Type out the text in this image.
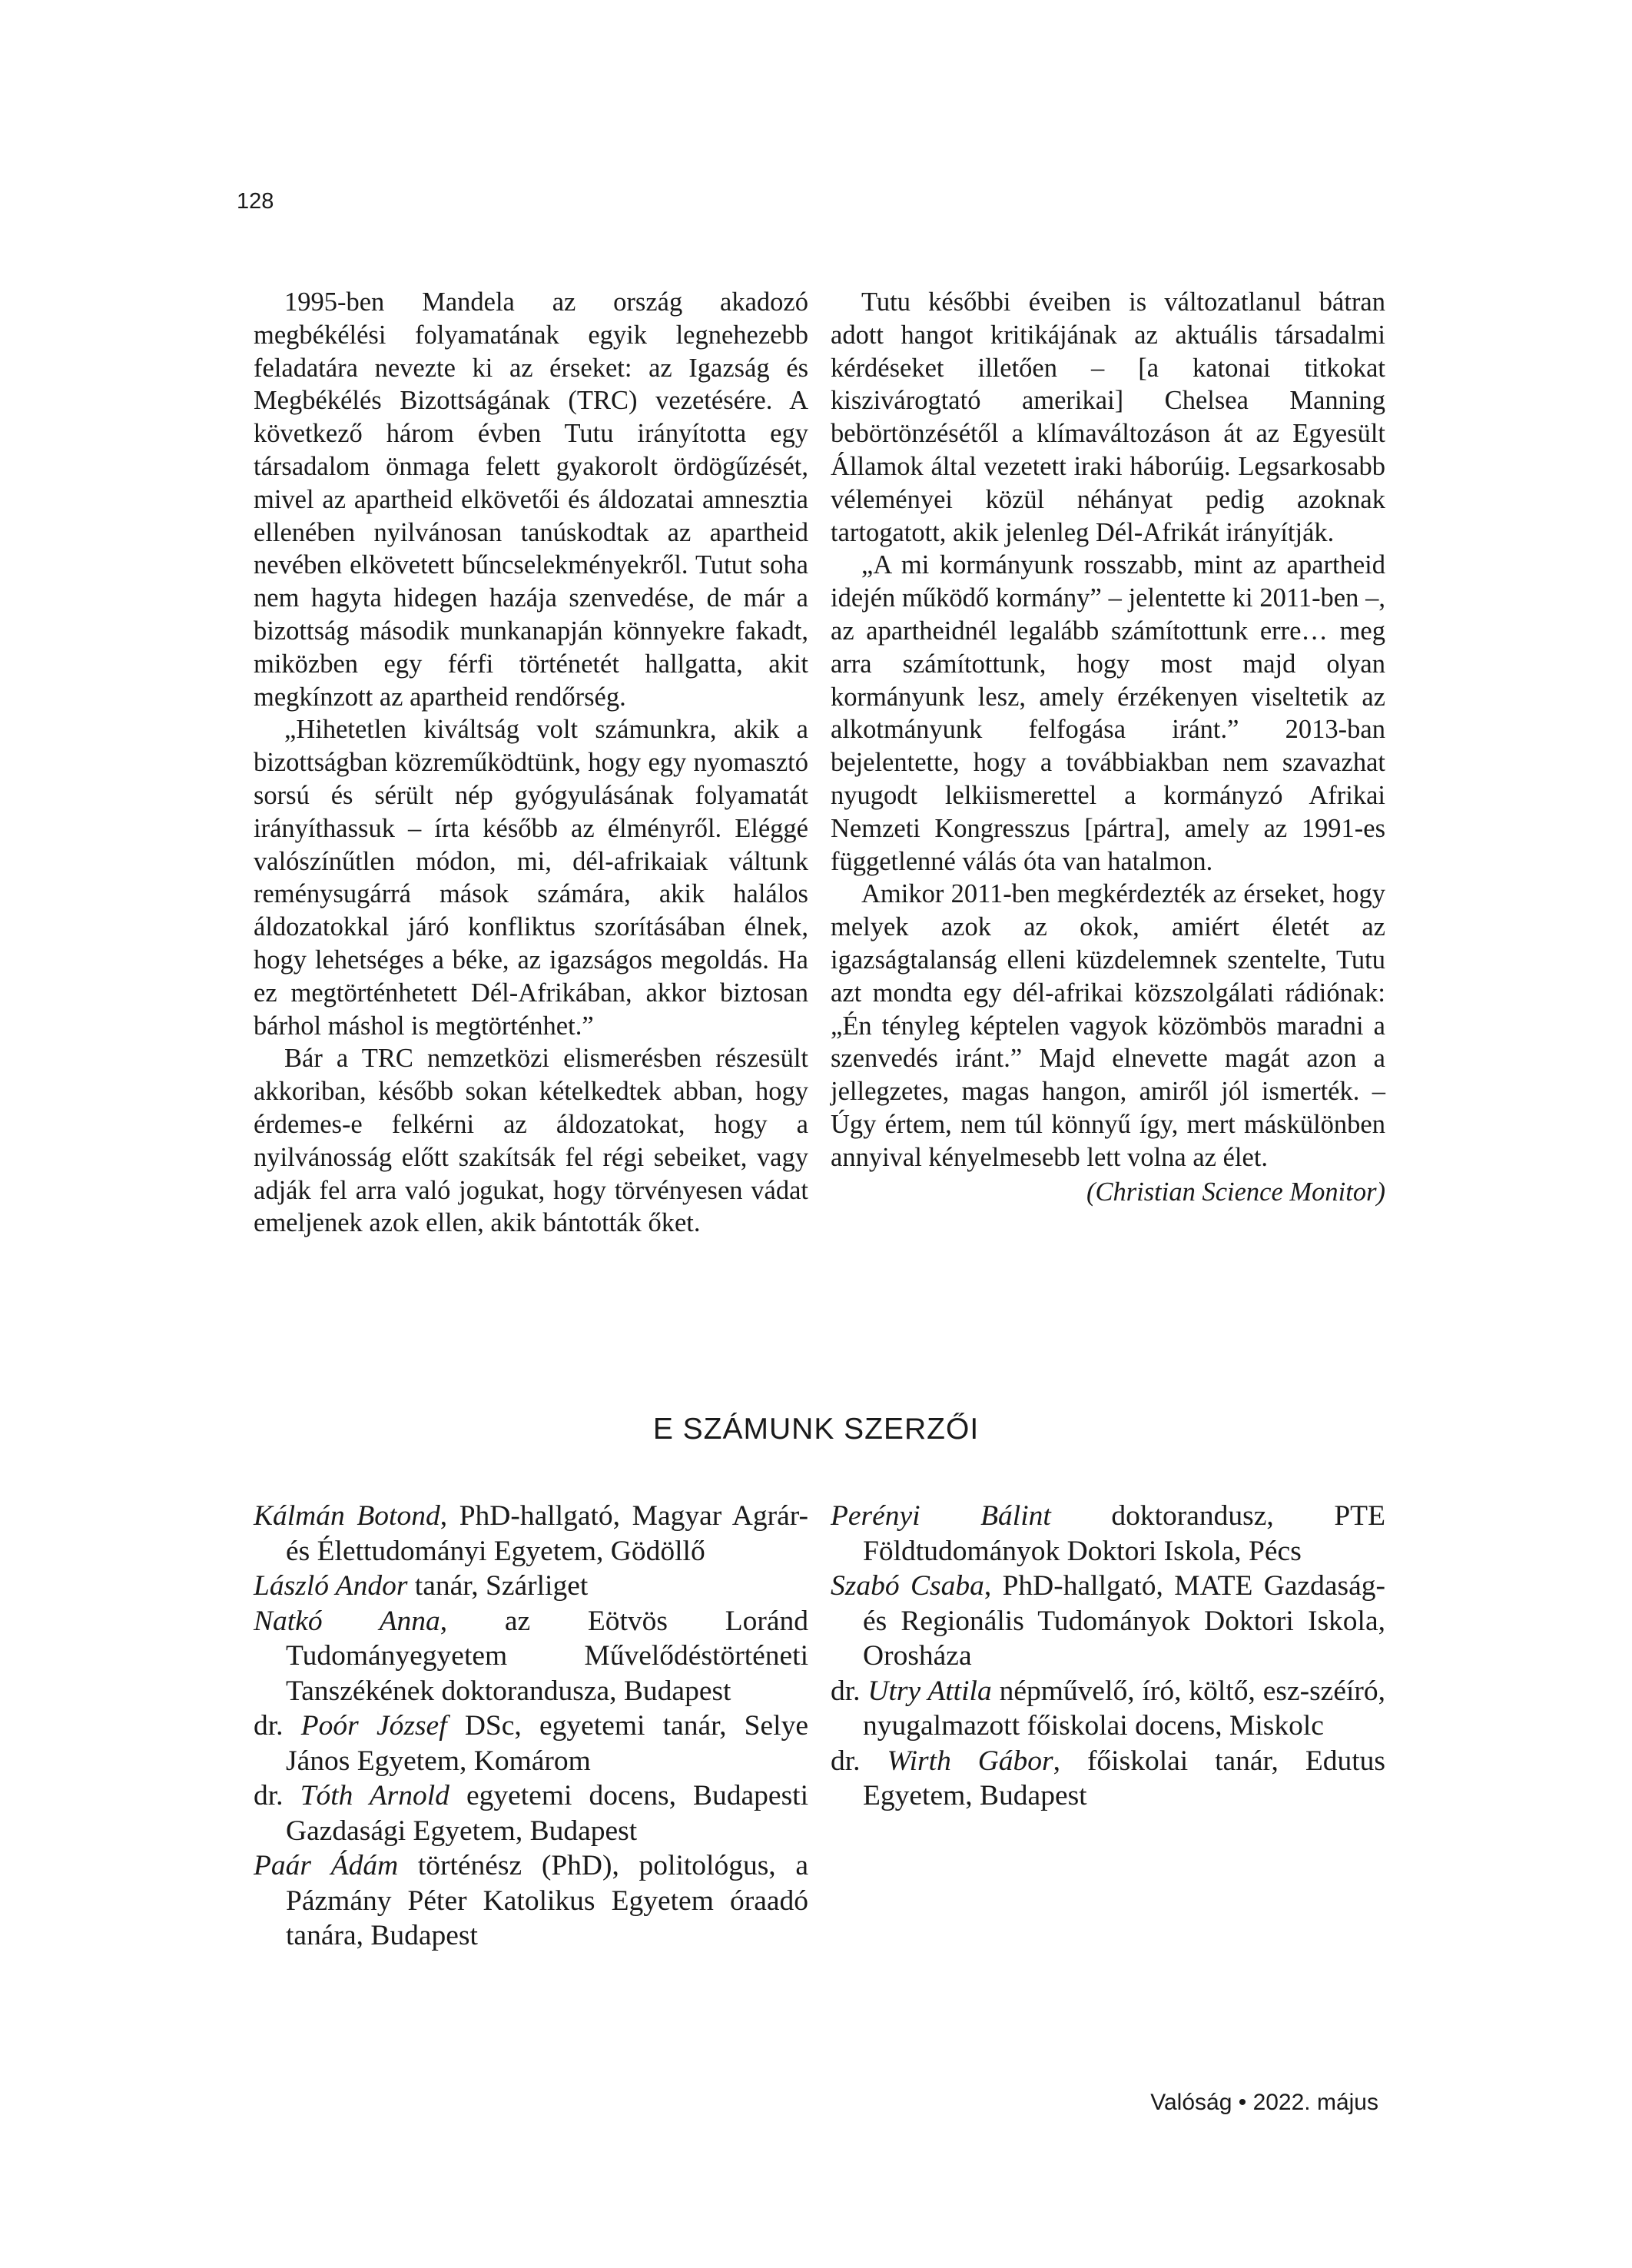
128

1995-ben Mandela az ország akadozó megbékélési folyamatának egyik legnehezebb feladatára nevezte ki az érseket: az Igazság és Megbékélés Bizottságának (TRC) vezetésére. A következő három évben Tutu irányította egy társadalom önmaga felett gyakorolt ördögűzését, mivel az apartheid elkövetői és áldozatai amnesztia ellenében nyilvánosan tanúskodtak az apartheid nevében elkövetett bűncselekményekről. Tutut soha nem hagyta hidegen hazája szenvedése, de már a bizottság második munkanapján könnyekre fakadt, miközben egy férfi történetét hallgatta, akit megkínzott az apartheid rendőrség.

„Hihetetlen kiváltság volt számunkra, akik a bizottságban közreműködtünk, hogy egy nyomasztó sorsú és sérült nép gyógyulásának folyamatát irányíthassuk – írta később az élményről. Eléggé valószínűtlen módon, mi, dél-afrikaiak váltunk reménysugárrá mások számára, akik halálos áldozatokkal járó konfliktus szorításában élnek, hogy lehetséges a béke, az igazságos megoldás. Ha ez megtörténhetett Dél-Afrikában, akkor biztosan bárhol máshol is megtörténhet.”

Bár a TRC nemzetközi elismerésben részesült akkoriban, később sokan kételkedtek abban, hogy érdemes-e felkérni az áldozatokat, hogy a nyilvánosság előtt szakítsák fel régi sebeiket, vagy adják fel arra való jogukat, hogy törvényesen vádat emeljenek azok ellen, akik bántották őket.

Tutu későbbi éveiben is változatlanul bátran adott hangot kritikájának az aktuális társadalmi kérdéseket illetően – [a katonai titkokat kiszivárogtató amerikai] Chelsea Manning bebörtönzésétől a klímaváltozáson át az Egyesült Államok által vezetett iraki háborúig. Legsarkosabb véleményei közül néhányat pedig azoknak tartogatott, akik jelenleg Dél-Afrikát irányítják.

„A mi kormányunk rosszabb, mint az apartheid idején működő kormány” – jelentette ki 2011-ben –, az apartheidnél legalább számítottunk erre… meg arra számítottunk, hogy most majd olyan kormányunk lesz, amely érzékenyen viseltetik az alkotmányunk felfogása iránt.” 2013-ban bejelentette, hogy a továbbiakban nem szavazhat nyugodt lelkiismerettel a kormányzó Afrikai Nemzeti Kongresszus [pártra], amely az 1991-es függetlenné válás óta van hatalmon.

Amikor 2011-ben megkérdezték az érseket, hogy melyek azok az okok, amiért életét az igazságtalanság elleni küzdelemnek szentelte, Tutu azt mondta egy dél-afrikai közszolgálati rádiónak: „Én tényleg képtelen vagyok közömbös maradni a szenvedés iránt.” Majd elnevette magát azon a jellegzetes, magas hangon, amiről jól ismerték. – Úgy értem, nem túl könnyű így, mert máskülönben annyival kényelmesebb lett volna az élet.

(Christian Science Monitor)
E SZÁMUNK SZERZŐI

Kálmán Botond, PhD-hallgató, Magyar Agrár- és Élettudományi Egyetem, Gödöllő

László Andor tanár, Szárliget

Natkó Anna, az Eötvös Loránd Tudományegyetem Művelődéstörténeti Tanszékének doktorandusza, Budapest

dr. Poór József DSc, egyetemi tanár, Selye János Egyetem, Komárom

dr. Tóth Arnold egyetemi docens, Budapesti Gazdasági Egyetem, Budapest

Paár Ádám történész (PhD), politológus, a Pázmány Péter Katolikus Egyetem óraadó tanára, Budapest

Perényi Bálint doktorandusz, PTE Földtudományok Doktori Iskola, Pécs

Szabó Csaba, PhD-hallgató, MATE Gazdaság- és Regionális Tudományok Doktori Iskola, Orosháza

dr. Utry Attila népművelő, író, költő, esz-széíró, nyugalmazott főiskolai docens, Miskolc

dr. Wirth Gábor, főiskolai tanár, Edutus Egyetem, Budapest

Valóság • 2022. május
